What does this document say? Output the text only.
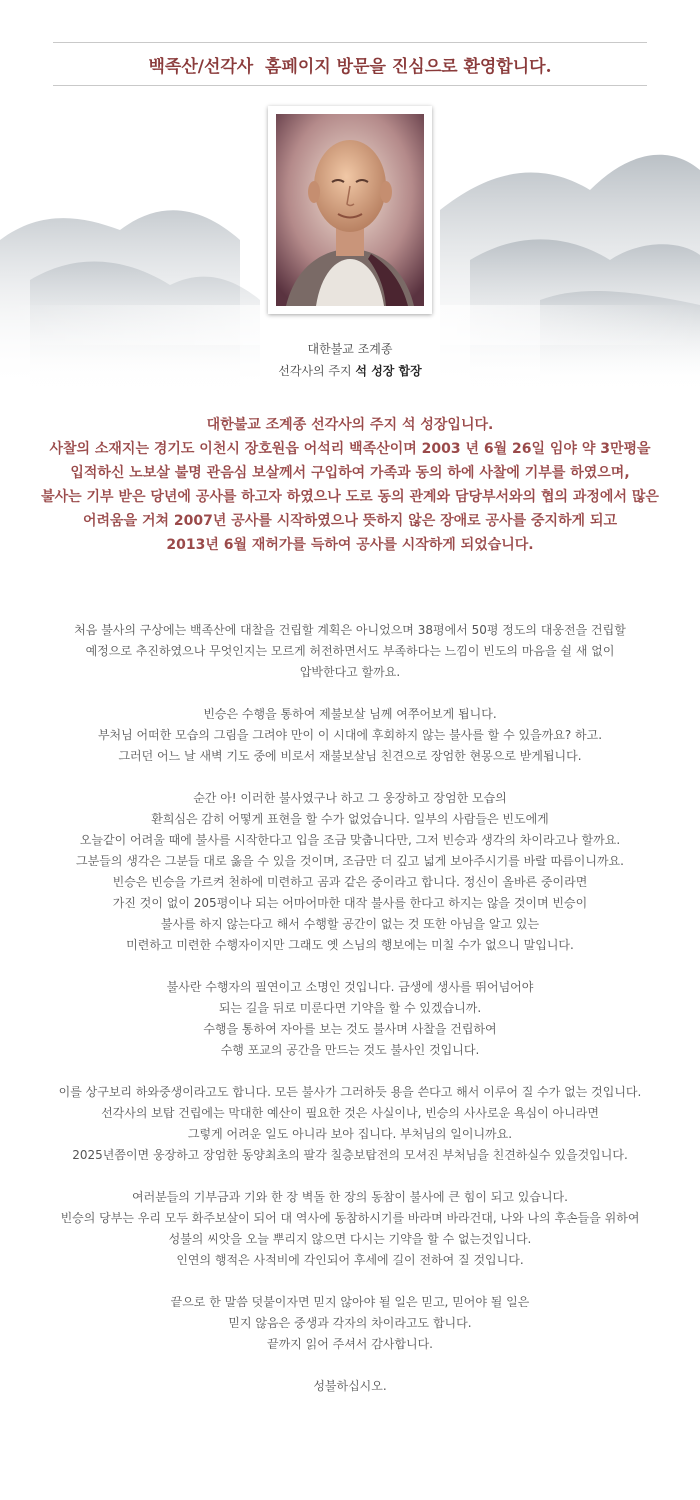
백족산/선각사  홈페이지 방문을 진심으로 환영합니다.
대한불교 조계종
선각사의 주지 석 성장 합장
대한불교 조계종 선각사의 주지 석 성장입니다.
사찰의 소재지는 경기도 이천시 장호원읍 어석리 백족산이며 2003 년 6월 26일 임야 약 3만평을
입적하신 노보살 불명 관음심 보살께서 구입하여 가족과 동의 하에 사찰에 기부를 하였으며,
불사는 기부 받은 당년에 공사를 하고자 하였으나 도로 동의 관계와 담당부서와의 협의 과정에서 많은
어려움을 거쳐 2007년 공사를 시작하였으나 뜻하지 않은 장애로 공사를 중지하게 되고
2013년 6월 재허가를 득하여 공사를 시작하게 되었습니다.
처음 불사의 구상에는 백족산에 대찰을 건립할 계획은 아니었으며 38평에서 50평 정도의 대웅전을 건립할
예정으로 추진하였으나 무엇인지는 모르게 허전하면서도 부족하다는 느낌이 빈도의 마음을 쉴 새 없이
압박한다고 할까요.
빈승은 수행을 통하여 제불보살 님께 여쭈어보게 됩니다.
부처님 어떠한 모습의 그림을 그려야 만이 이 시대에 후회하지 않는 불사를 할 수 있을까요? 하고.
그러던 어느 날 새벽 기도 중에 비로서 재불보살님 친견으로 장엄한 현몽으로 받게됩니다.
순간 아! 이러한 불사였구나 하고 그 웅장하고 장엄한 모습의
환희심은 감히 어떻게 표현을 할 수가 없었습니다. 일부의 사람들은 빈도에게
오늘같이 어려울 때에 불사를 시작한다고 입을 조금 맞춥니다만, 그저 빈승과 생각의 차이라고나 할까요.
그분들의 생각은 그분들 대로 옳을 수 있을 것이며, 조금만 더 깊고 넓게 보아주시기를 바랄 따름이니까요.
빈승은 빈승을 가르켜 천하에 미련하고 곰과 같은 중이라고 합니다. 정신이 올바른 중이라면
가진 것이 없이 205평이나 되는 어마어마한 대작 불사를 한다고 하지는 않을 것이며 빈승이
불사를 하지 않는다고 해서 수행할 공간이 없는 것 또한 아님을 알고 있는
미련하고 미련한 수행자이지만 그래도 옛 스님의 행보에는 미칠 수가 없으니 말입니다.
불사란 수행자의 필연이고 소명인 것입니다. 금생에 생사를 뛰어넘어야
되는 길을 뒤로 미룬다면 기약을 할 수 있겠습니까.
수행을 통하여 자아를 보는 것도 불사며 사찰을 건립하여
수행 포교의 공간을 만드는 것도 불사인 것입니다.
이를 상구보리 하와중생이라고도 합니다. 모든 불사가 그러하듯 용을 쓴다고 해서 이루어 질 수가 없는 것입니다.
선각사의 보탑 건립에는 막대한 예산이 필요한 것은 사실이나, 빈승의 사사로운 욕심이 아니라면
그렇게 어려운 일도 아니라 보아 집니다. 부처님의 일이니까요.
2025년쯤이면 웅장하고 장엄한 동양최초의 팔각 칠층보탑전의 모셔진 부처님을 친견하실수 있을것입니다.
여러분들의 기부금과 기와 한 장 벽돌 한 장의 동참이 불사에 큰 힘이 되고 있습니다.
빈승의 당부는 우리 모두 화주보살이 되어 대 역사에 동참하시기를 바라며 바라건대, 나와 나의 후손들을 위하여
성불의 씨앗을 오늘 뿌리지 않으면 다시는 기약을 할 수 없는것입니다.
인연의 행적은 사적비에 각인되어 후세에 길이 전하여 질 것입니다.
끝으로 한 말씀 덧붙이자면 믿지 않아야 될 일은 믿고, 믿어야 될 일은
믿지 않음은 중생과 각자의 차이라고도 합니다.
끝까지 읽어 주셔서 감사합니다.
성불하십시오.
